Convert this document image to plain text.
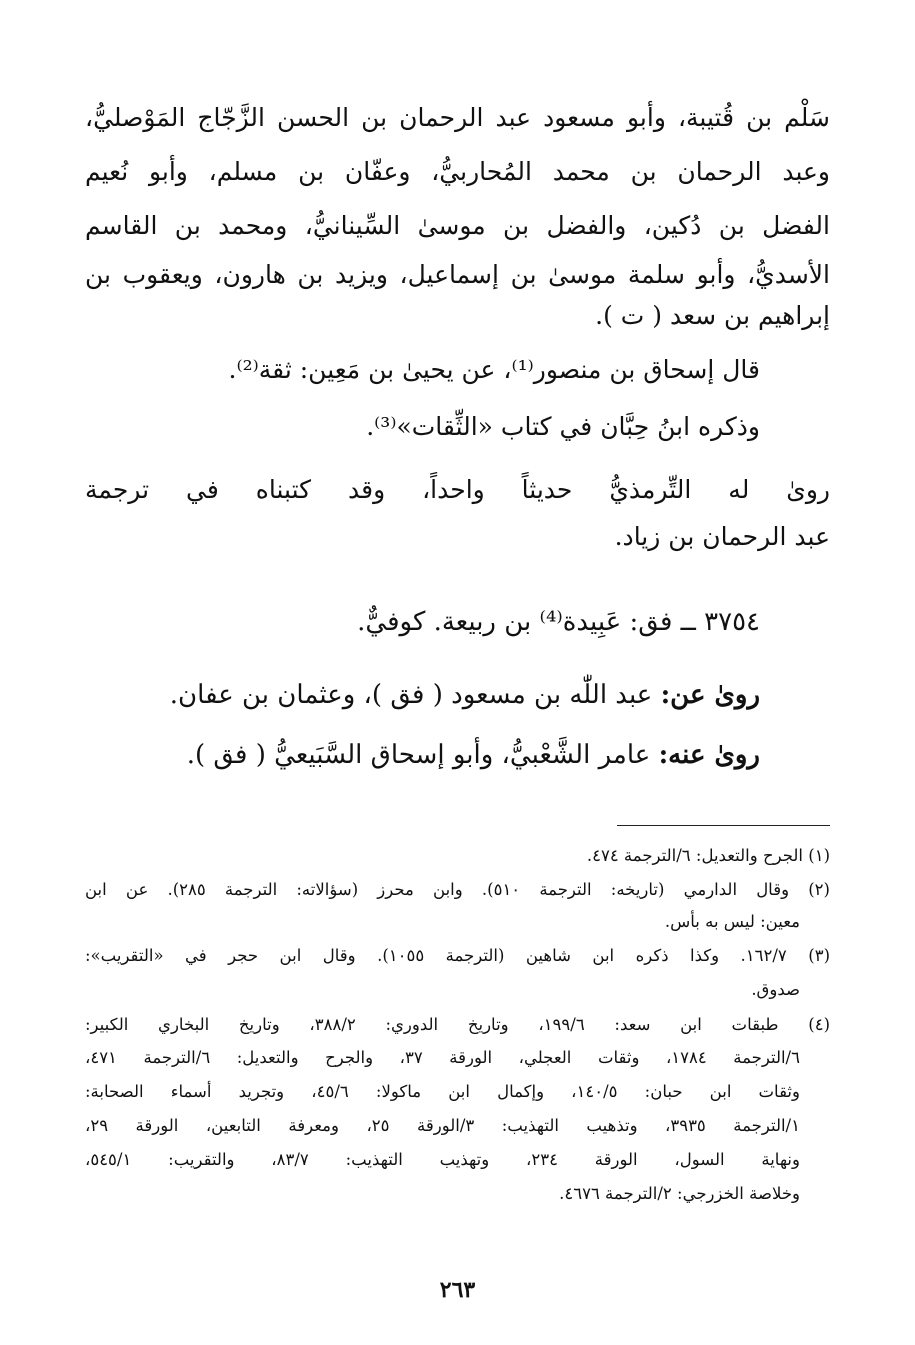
سَلْم بن قُتيبة، وأبو مسعود عبد الرحمان بن الحسن الزَّجّاج المَوْصليُّ،
وعبد الرحمان بن محمد المُحاربيُّ، وعفّان بن مسلم، وأبو نُعيم
الفضل بن دُكين، والفضل بن موسىٰ السِّينانيُّ، ومحمد بن القاسم
الأسديُّ، وأبو سلمة موسىٰ بن إسماعيل، ويزيد بن هارون، ويعقوب بن
إبراهيم بن سعد ( ت ).
قال إسحاق بن منصور⁽¹⁾، عن يحيىٰ بن مَعِين: ثقة⁽²⁾.
وذكره ابنُ حِبَّان في كتاب «الثِّقات»⁽³⁾.
روىٰ له التِّرمذيُّ حديثاً واحداً، وقد كتبناه في ترجمة
عبد الرحمان بن زياد.
٣٧٥٤ ــ فق: عَبِيدة⁽⁴⁾ بن ربيعة. كوفيٌّ.
روىٰ عن: عبد اللّٰه بن مسعود ( فق )، وعثمان بن عفان.
روىٰ عنه: عامر الشَّعْبيُّ، وأبو إسحاق السَّبَيعيُّ ( فق ).
(١) الجرح والتعديل: ٦/الترجمة ٤٧٤.
(٢) وقال الدارمي (تاريخه: الترجمة ٥١٠). وابن محرز (سؤالاته: الترجمة ٢٨٥). عن ابن
معين: ليس به بأس.
(٣) ١٦٢/٧. وكذا ذكره ابن شاهين (الترجمة ١٠٥٥). وقال ابن حجر في «التقريب»:
صدوق.
(٤) طبقات ابن سعد: ١٩٩/٦، وتاريخ الدوري: ٣٨٨/٢، وتاريخ البخاري الكبير:
٦/الترجمة ١٧٨٤، وثقات العجلي، الورقة ٣٧، والجرح والتعديل: ٦/الترجمة ٤٧١،
وثقات ابن حبان: ١٤٠/٥، وإكمال ابن ماكولا: ٤٥/٦، وتجريد أسماء الصحابة:
١/الترجمة ٣٩٣٥، وتذهيب التهذيب: ٣/الورقة ٢٥، ومعرفة التابعين، الورقة ٢٩،
ونهاية السول، الورقة ٢٣٤، وتهذيب التهذيب: ٨٣/٧، والتقريب: ٥٤٥/١،
وخلاصة الخزرجي: ٢/الترجمة ٤٦٧٦.
٢٦٣
